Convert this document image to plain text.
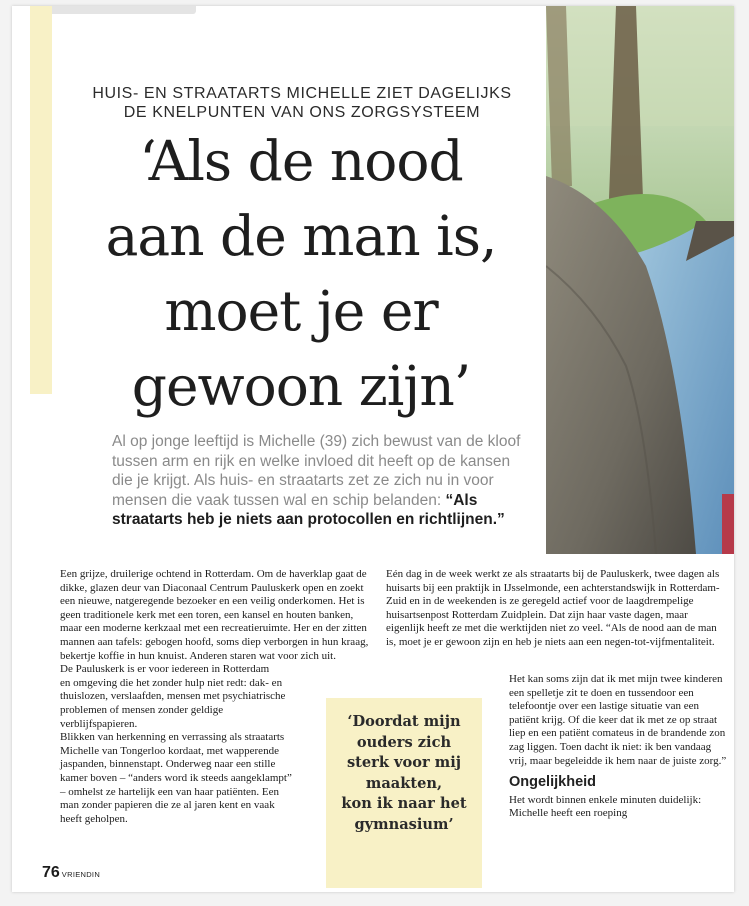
HUIS- EN STRAATARTS MICHELLE ZIET DAGELIJKS DE KNELPUNTEN VAN ONS ZORGSYSTEEM

‘Als de nood
aan de man is,
moet je er
gewoon zijn’

Al op jonge leeftijd is Michelle (39) zich bewust van de kloof tussen arm en rijk en welke invloed dit heeft op de kansen die je krijgt. Als huis- en straatarts zet ze zich nu in voor mensen die vaak tussen wal en schip belanden: “Als straatarts heb je niets aan protocollen en richtlijnen.”

Een grijze, druilerige ochtend in Rotterdam. Om de haverklap gaat de dikke, glazen deur van Diaconaal Centrum Pauluskerk open en zoekt een nieuwe, natgeregende bezoeker en een veilig onderkomen. Het is geen traditionele kerk met een toren, een kansel en houten banken, maar een moderne kerkzaal met een recreatieruimte. Her en der zitten mannen aan tafels: gebogen hoofd, soms diep verborgen in hun kraag, bekertje koffie in hun knuist. Anderen staren wat voor zich uit.

De Pauluskerk is er voor iedereen in Rotterdam

en omgeving die het zonder hulp niet redt: dak- en thuislozen, verslaafden, mensen met psychiatrische problemen of mensen zonder geldige verblijfspapieren.

Blikken van herkenning en verrassing als straatarts Michelle van Tongerloo kordaat, met wapperende jaspanden, binnenstapt. Onderweg naar een stille kamer boven – “anders word ik steeds aangeklampt” – omhelst ze hartelijk een van haar patiënten. Een man zonder papieren die ze al jaren kent en vaak heeft geholpen.

Eén dag in de week werkt ze als straatarts bij de Pauluskerk, twee dagen als huisarts bij een praktijk in IJsselmonde, een achterstandswijk in Rotterdam-Zuid en in de weekenden is ze geregeld actief voor de laagdrempelige huisartsenpost Rotterdam Zuidplein. Dat zijn haar vaste dagen, maar eigenlijk heeft ze met die werktijden niet zo veel. “Als de nood aan de man is, moet je er gewoon zijn en heb je niets aan een negen-tot-vijfmentaliteit.

Het kan soms zijn dat ik met mijn twee kinderen een spelletje zit te doen en tussendoor een telefoontje over een lastige situatie van een patiënt krijg. Of die keer dat ik met ze op straat liep en een patiënt comateus in de brandende zon zag liggen. Toen dacht ik niet: ik ben vandaag vrij, maar begeleidde ik hem naar de juiste zorg.”

Ongelijkheid

Het wordt binnen enkele minuten duidelijk: Michelle heeft een roeping

‘Doordat mijn
ouders zich
sterk voor mij
maakten,
kon ik naar het
gymnasium’

76 VRIENDIN
